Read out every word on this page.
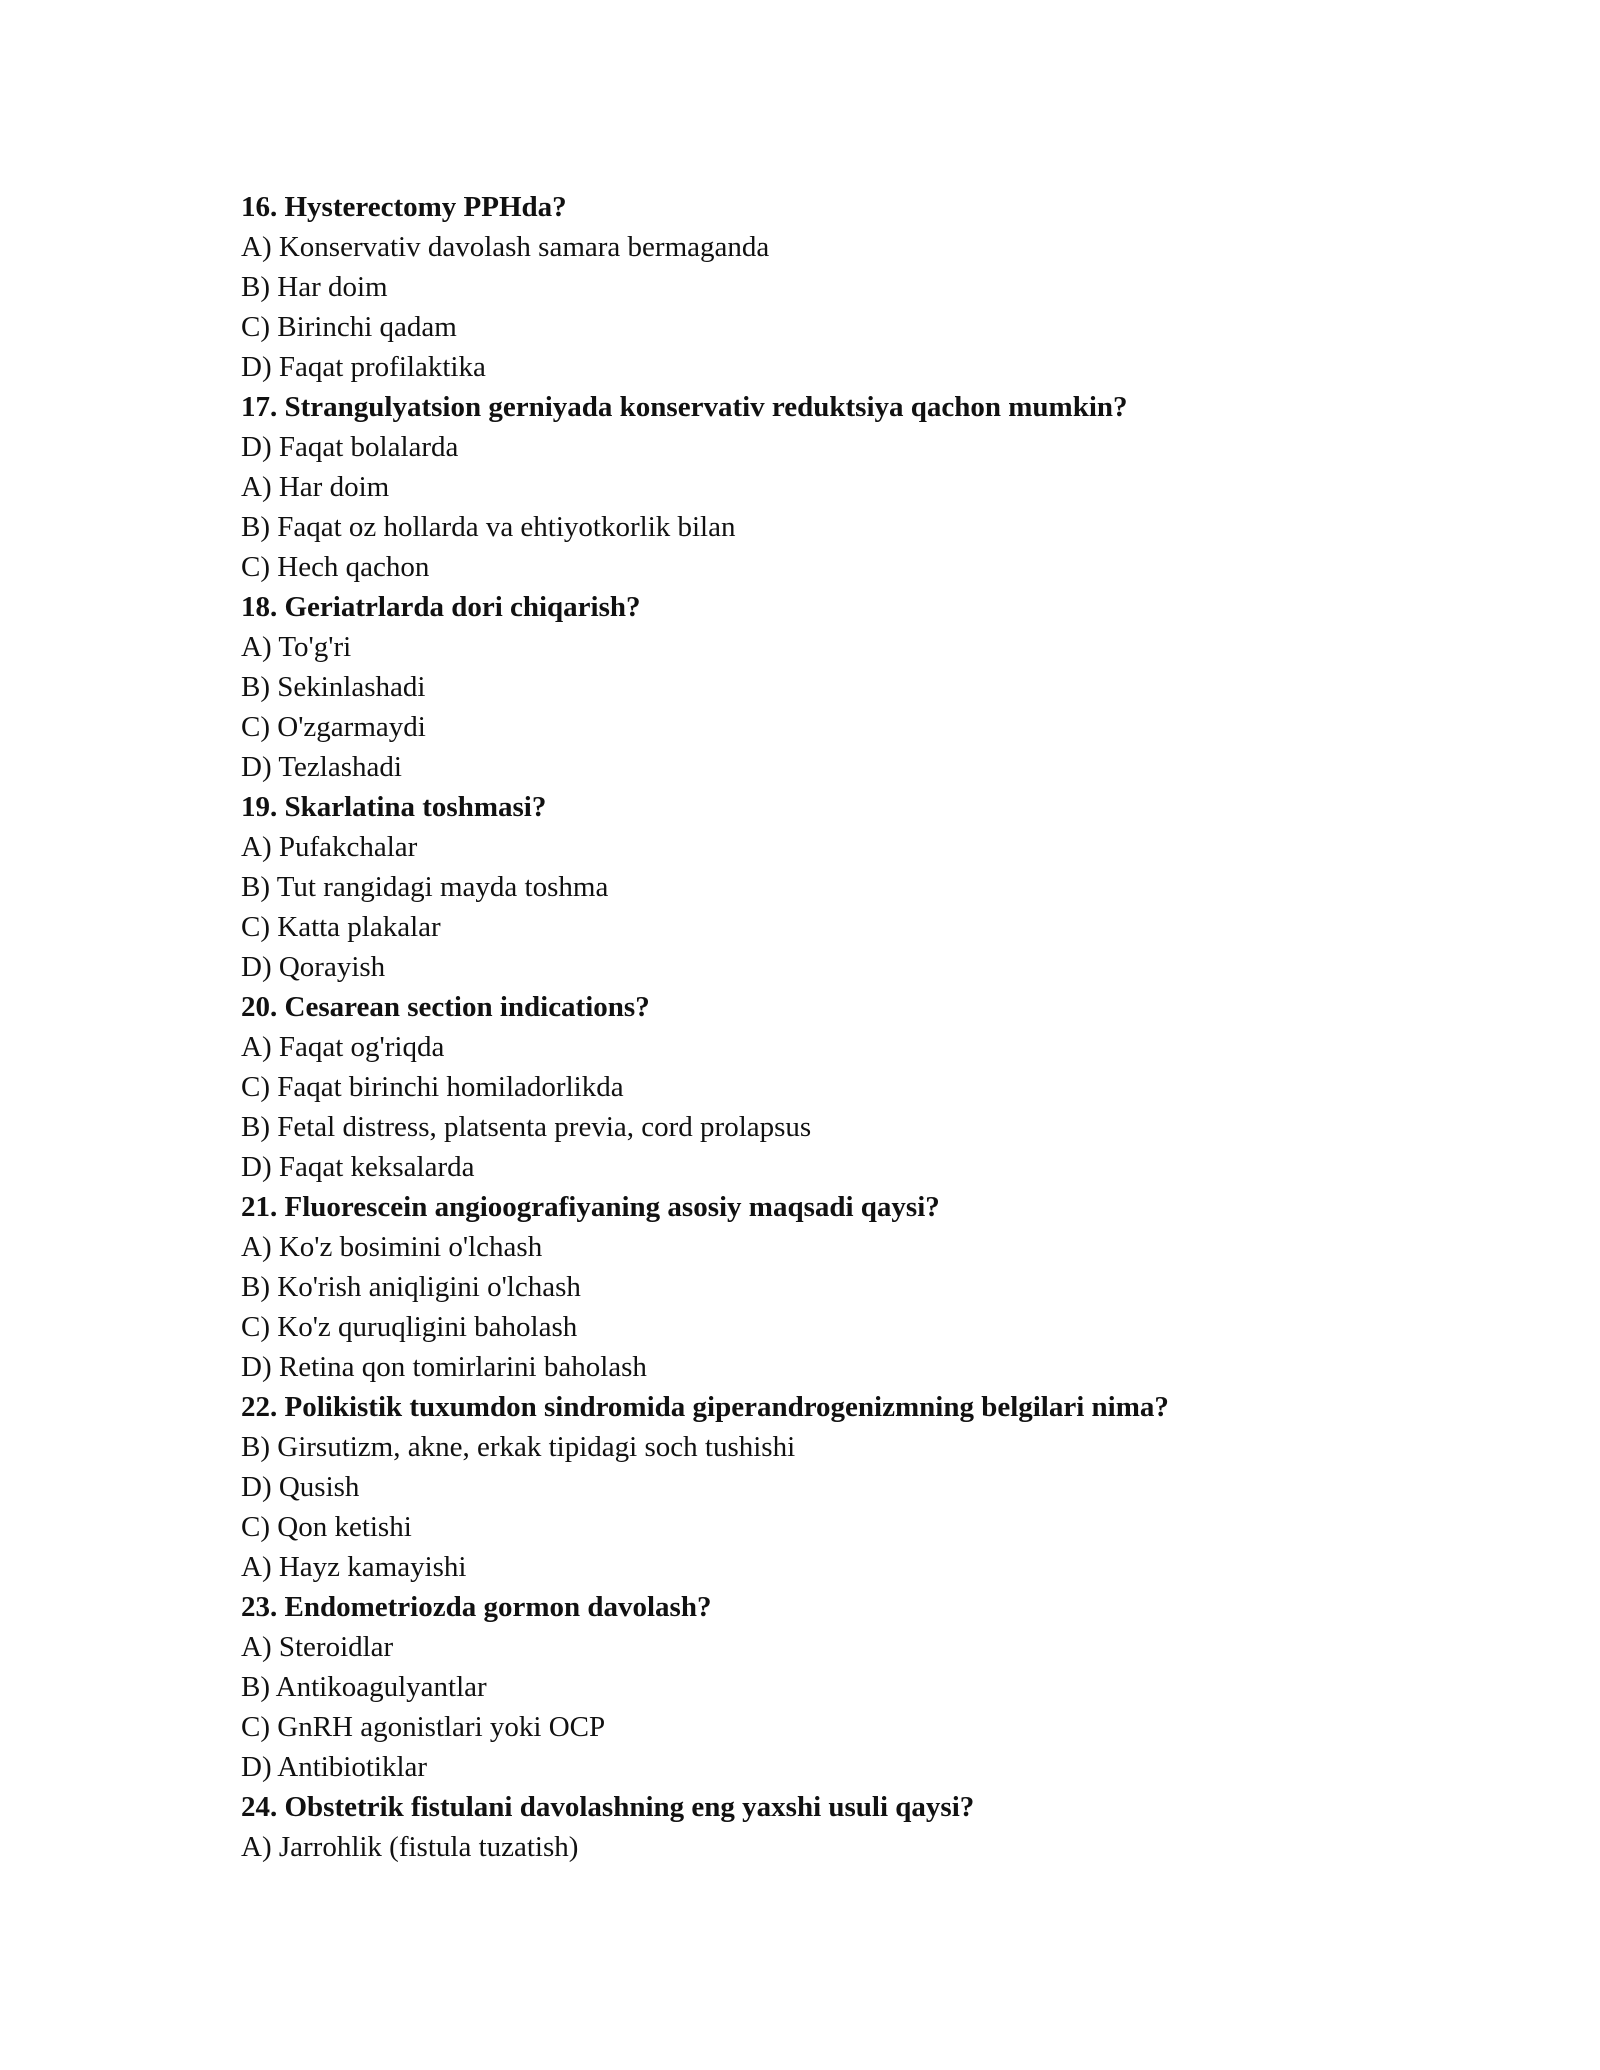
16. Hysterectomy PPHda?
A) Konservativ davolash samara bermaganda
B) Har doim
C) Birinchi qadam
D) Faqat profilaktika
17. Strangulyatsion gerniyada konservativ reduktsiya qachon mumkin?
D) Faqat bolalarda
A) Har doim
B) Faqat oz hollarda va ehtiyotkorlik bilan
C) Hech qachon
18. Geriatrlarda dori chiqarish?
A) To'g'ri
B) Sekinlashadi
C) O'zgarmaydi
D) Tezlashadi
19. Skarlatina toshmasi?
A) Pufakchalar
B) Tut rangidagi mayda toshma
C) Katta plakalar
D) Qorayish
20. Cesarean section indications?
A) Faqat og'riqda
C) Faqat birinchi homiladorlikda
B) Fetal distress, platsenta previa, cord prolapsus
D) Faqat keksalarda
21. Fluorescein angioografiyaning asosiy maqsadi qaysi?
A) Ko'z bosimini o'lchash
B) Ko'rish aniqligini o'lchash
C) Ko'z quruqligini baholash
D) Retina qon tomirlarini baholash
22. Polikistik tuxumdon sindromida giperandrogenizmning belgilari nima?
B) Girsutizm, akne, erkak tipidagi soch tushishi
D) Qusish
C) Qon ketishi
A) Hayz kamayishi
23. Endometriozda gormon davolash?
A) Steroidlar
B) Antikoagulyantlar
C) GnRH agonistlari yoki OCP
D) Antibiotiklar
24. Obstetrik fistulani davolashning eng yaxshi usuli qaysi?
A) Jarrohlik (fistula tuzatish)
